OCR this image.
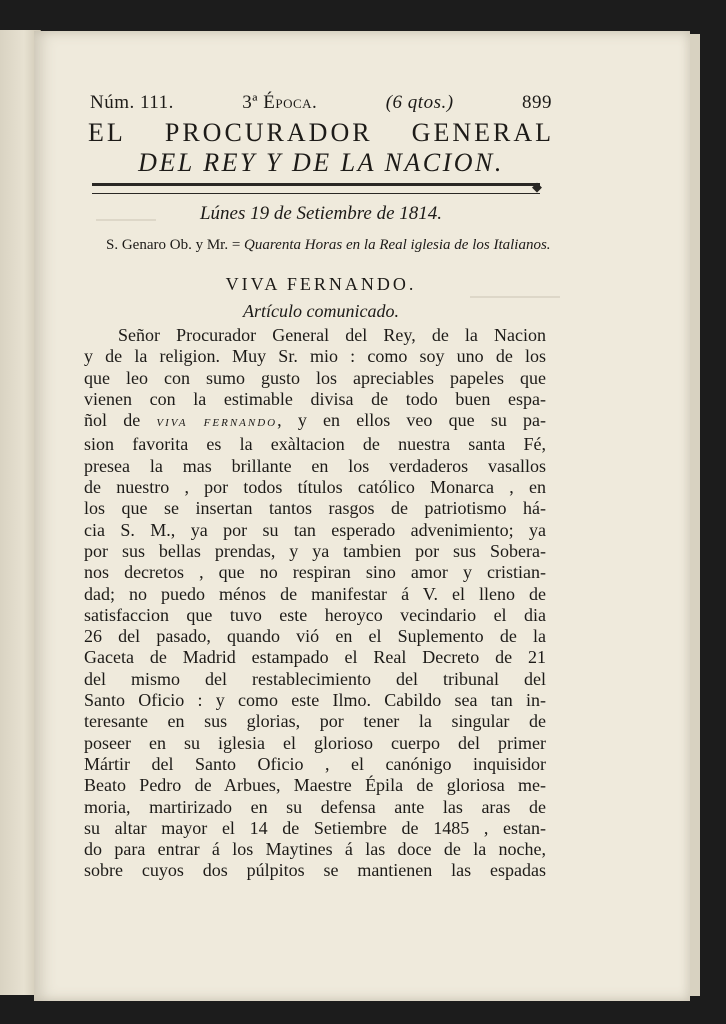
Núm. 111.	3ª Época.	(6 qtos.)	899
EL PROCURADOR GENERAL
DEL REY Y DE LA NACION.
◆
Lúnes 19 de Setiembre de 1814.
S. Genaro Ob. y Mr. = Quarenta Horas en la Real iglesia de los Italianos.
VIVA FERNANDO.
Artículo comunicado.
Señor Procurador General del Rey, de la Nacion
y de la religion. Muy Sr. mio : como soy uno de los
que leo con sumo gusto los apreciables papeles que
vienen con la estimable divisa de todo buen espa-
ñol de VIVA FERNANDO, y en ellos veo que su pa-
sion favorita es la exàltacion de nuestra santa Fé,
presea la mas brillante en los verdaderos vasallos
de nuestro , por todos títulos católico Monarca , en
los que se insertan tantos rasgos de patriotismo há-
cia S. M., ya por su tan esperado advenimiento; ya
por sus bellas prendas, y ya tambien por sus Sobera-
nos decretos , que no respiran sino amor y cristian-
dad; no puedo ménos de manifestar á V. el lleno de
satisfaccion que tuvo este heroyco vecindario el dia
26 del pasado, quando vió en el Suplemento de la
Gaceta de Madrid estampado el Real Decreto de 21
del mismo del restablecimiento del tribunal del
Santo Oficio : y como este Ilmo. Cabildo sea tan in-
teresante en sus glorias, por tener la singular de
poseer en su iglesia el glorioso cuerpo del primer
Mártir del Santo Oficio , el canónigo inquisidor
Beato Pedro de Arbues, Maestre Épila de gloriosa me-
moria, martirizado en su defensa ante las aras de
su altar mayor el 14 de Setiembre de 1485 , estan-
do para entrar á los Maytines á las doce de la noche,
sobre cuyos dos púlpitos se mantienen las espadas
